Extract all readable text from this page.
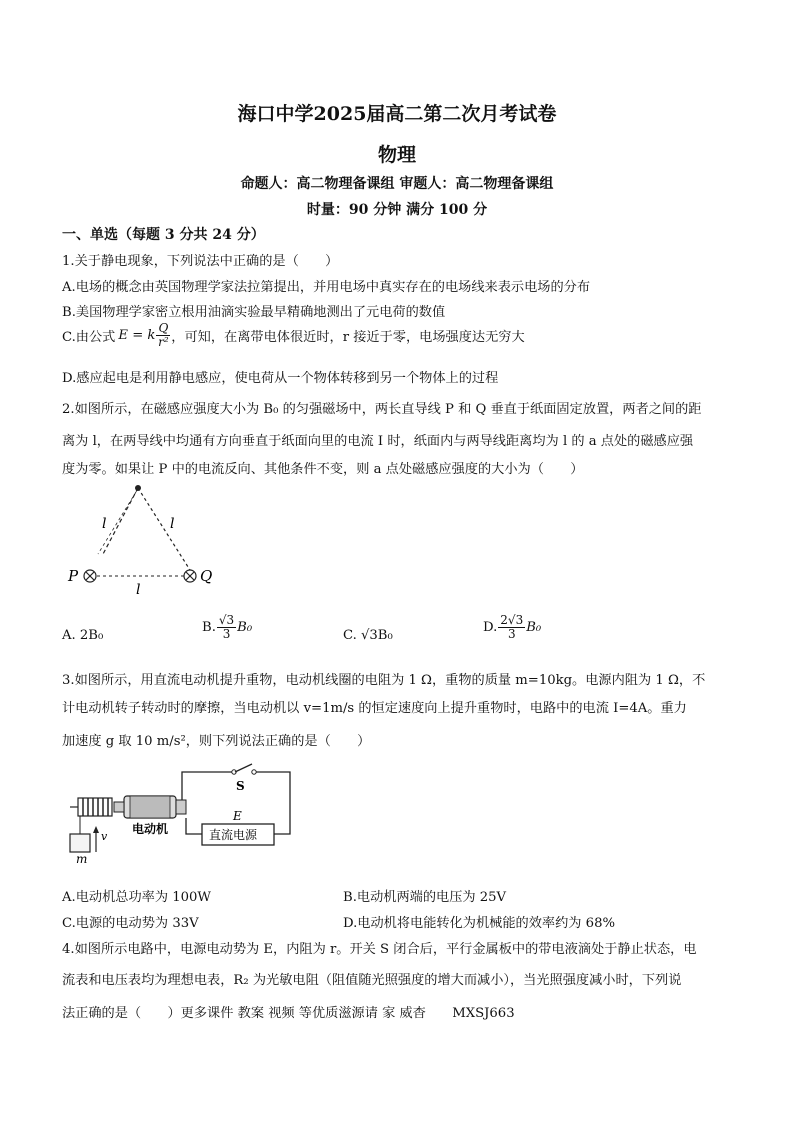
海口中学2025届高二第二次月考试卷
物理
命题人：高二物理备课组 审题人：高二物理备课组
时量：90 分钟 满分 100 分
一、单选（每题 3 分共 24 分）
1.关于静电现象，下列说法中正确的是（　　）
A.电场的概念由英国物理学家法拉第提出，并用电场中真实存在的电场线来表示电场的分布
B.美国物理学家密立根用油滴实验最早精确地测出了元电荷的数值
C.由公式 E = k $\frac{Q}{\text{r²}}$ ，可知，在离带电体很近时，r 接近于零，电场强度达无穷大
D.感应起电是利用静电感应，使电荷从一个物体转移到另一个物体上的过程
2.如图所示，在磁感应强度大小为 B₀ 的匀强磁场中，两长直导线 P 和 Q 垂直于纸面固定放置，两者之间的距
离为 l，在两导线中均通有方向垂直于纸面向里的电流 I 时，纸面内与两导线距离均为 l 的 a 点处的磁感应强
度为零。如果让 P 中的电流反向、其他条件不变，则 a 点处磁感应强度的大小为（　　）
l	l
l
P	Q
A. 2B₀
B. $\frac{√3}{3} B_0$
C. √3B₀
D. $\frac{2√3}{3} B_0$
3.如图所示，用直流电动机提升重物，电动机线圈的电阻为 1 Ω，重物的质量 m=10kg。电源内阻为 1 Ω，不
计电动机转子转动时的摩擦，当电动机以 v=1m/s 的恒定速度向上提升重物时，电路中的电流 I=4A。重力
加速度 g 取 10 m/s²，则下列说法正确的是（　　）
S
直流电源
E
电动机
m
v
A.电动机总功率为 100W	B.电动机两端的电压为 25V
C.电源的电动势为 33V	D.电动机将电能转化为机械能的效率约为 68%
4.如图所示电路中，电源电动势为 E，内阻为 r。开关 S 闭合后，平行金属板中的带电液滴处于静止状态，电
流表和电压表均为理想电表，R₂ 为光敏电阻（阻值随光照强度的增大而减小），当光照强度减小时，下列说
法正确的是（　　）更多课件 教案 视频 等优质滋源请 家 威杳　　MXSJ663
